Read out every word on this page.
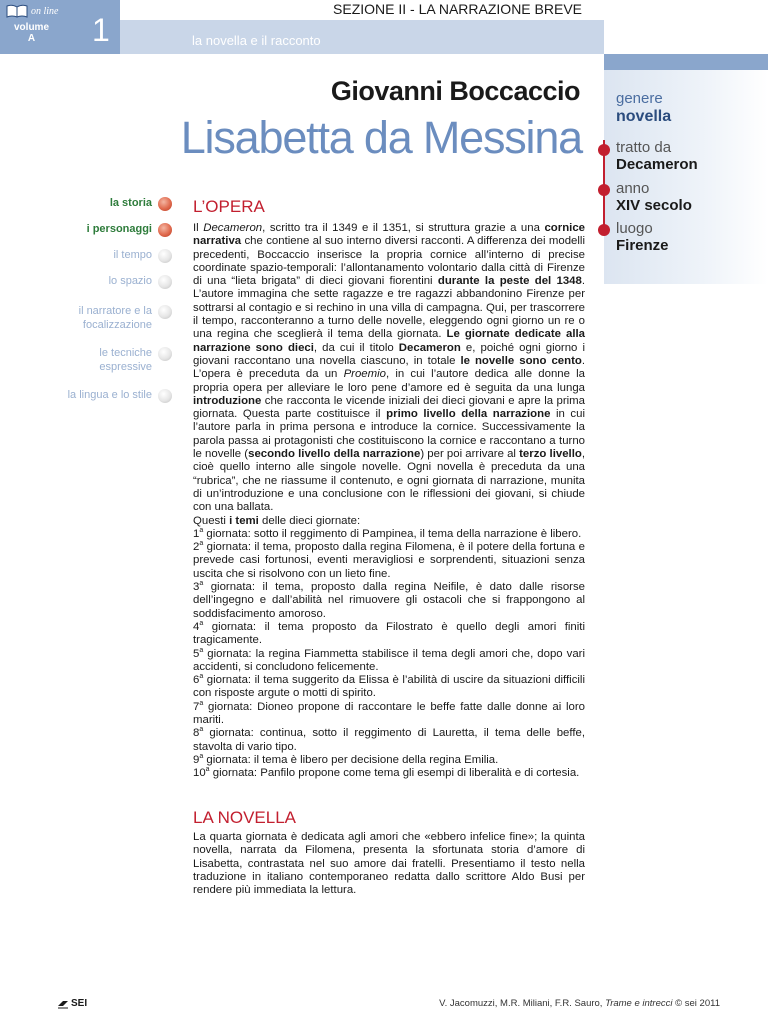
on line
volume
A	1	la novella e il racconto
SEZIONE II - LA NARRAZIONE BREVE
genere
novella
tratto da
Decameron
anno
XIV secolo
luogo
Firenze
Giovanni Boccaccio
Lisabetta da Messina
la storia
i personaggi
il tempo
lo spazio
il narratore e la focalizzazione
le tecniche espressive
la lingua e lo stile
L’OPERA

Il Decameron, scritto tra il 1349 e il 1351, si struttura grazie a una cornice narrativa che contiene al suo interno diversi racconti. A differenza dei modelli precedenti, Boccaccio inserisce la propria cornice all’interno di precise coordinate spazio-temporali: l’allontanamento volontario dalla città di Firenze di una “lieta brigata” di dieci giovani fiorentini durante la peste del 1348. L’autore immagina che sette ragazze e tre ragazzi abbandonino Firenze per sottrarsi al contagio e si rechino in una villa di campagna. Qui, per trascorrere il tempo, racconteranno a turno delle novelle, eleggendo ogni giorno un re o una regina che sceglierà il tema della giornata. Le giornate dedicate alla narrazione sono dieci, da cui il titolo Decameron e, poiché ogni giorno i giovani raccontano una novella ciascuno, in totale le novelle sono cento. L’opera è preceduta da un Proemio, in cui l’autore dedica alle donne la propria opera per alleviare le loro pene d’amore ed è seguita da una lunga introduzione che racconta le vicende iniziali dei dieci giovani e apre la prima giornata. Questa parte costituisce il primo livello della narrazione in cui l’autore parla in prima persona e introduce la cornice. Successivamente la parola passa ai protagonisti che costituiscono la cornice e raccontano a turno le novelle (secondo livello della narrazione) per poi arrivare al terzo livello, cioè quello interno alle singole novelle. Ogni novella è preceduta da una “rubrica”, che ne riassume il contenuto, e ogni giornata di narrazione, munita di un’introduzione e una conclusione con le riflessioni dei giovani, si chiude con una ballata.

Questi i temi delle dieci giornate:

1$^a$ giornata: sotto il reggimento di Pampinea, il tema della narrazione è libero.

2$^a$ giornata: il tema, proposto dalla regina Filomena, è il potere della fortuna e prevede casi fortunosi, eventi meravigliosi e sorprendenti, situazioni senza uscita che si risolvono con un lieto fine.

3$^a$ giornata: il tema, proposto dalla regina Neifile, è dato dalle risorse dell’ingegno e dall’abilità nel rimuovere gli ostacoli che si frappongono al soddisfacimento amoroso.

4$^a$ giornata: il tema proposto da Filostrato è quello degli amori finiti tragicamente.

5$^a$ giornata: la regina Fiammetta stabilisce il tema degli amori che, dopo vari accidenti, si concludono felicemente.

6$^a$ giornata: il tema suggerito da Elissa è l’abilità di uscire da situazioni difficili con risposte argute o motti di spirito.

7$^a$ giornata: Dioneo propone di raccontare le beffe fatte dalle donne ai loro mariti.

8$^a$ giornata: continua, sotto il reggimento di Lauretta, il tema delle beffe, stavolta di vario tipo.

9$^a$ giornata: il tema è libero per decisione della regina Emilia.

10$^a$ giornata: Panfilo propone come tema gli esempi di liberalità e di cortesia.

LA NOVELLA

La quarta giornata è dedicata agli amori che «ebbero infelice fine»; la quinta novella, narrata da Filomena, presenta la sfortunata storia d’amore di Lisabetta, contrastata nel suo amore dai fratelli. Presentiamo il testo nella traduzione in italiano contemporaneo redatta dallo scrittore Aldo Busi per rendere più immediata la lettura.

SEI	V. Jacomuzzi, M.R. Miliani, F.R. Sauro, Trame e intrecci © sei 2011
